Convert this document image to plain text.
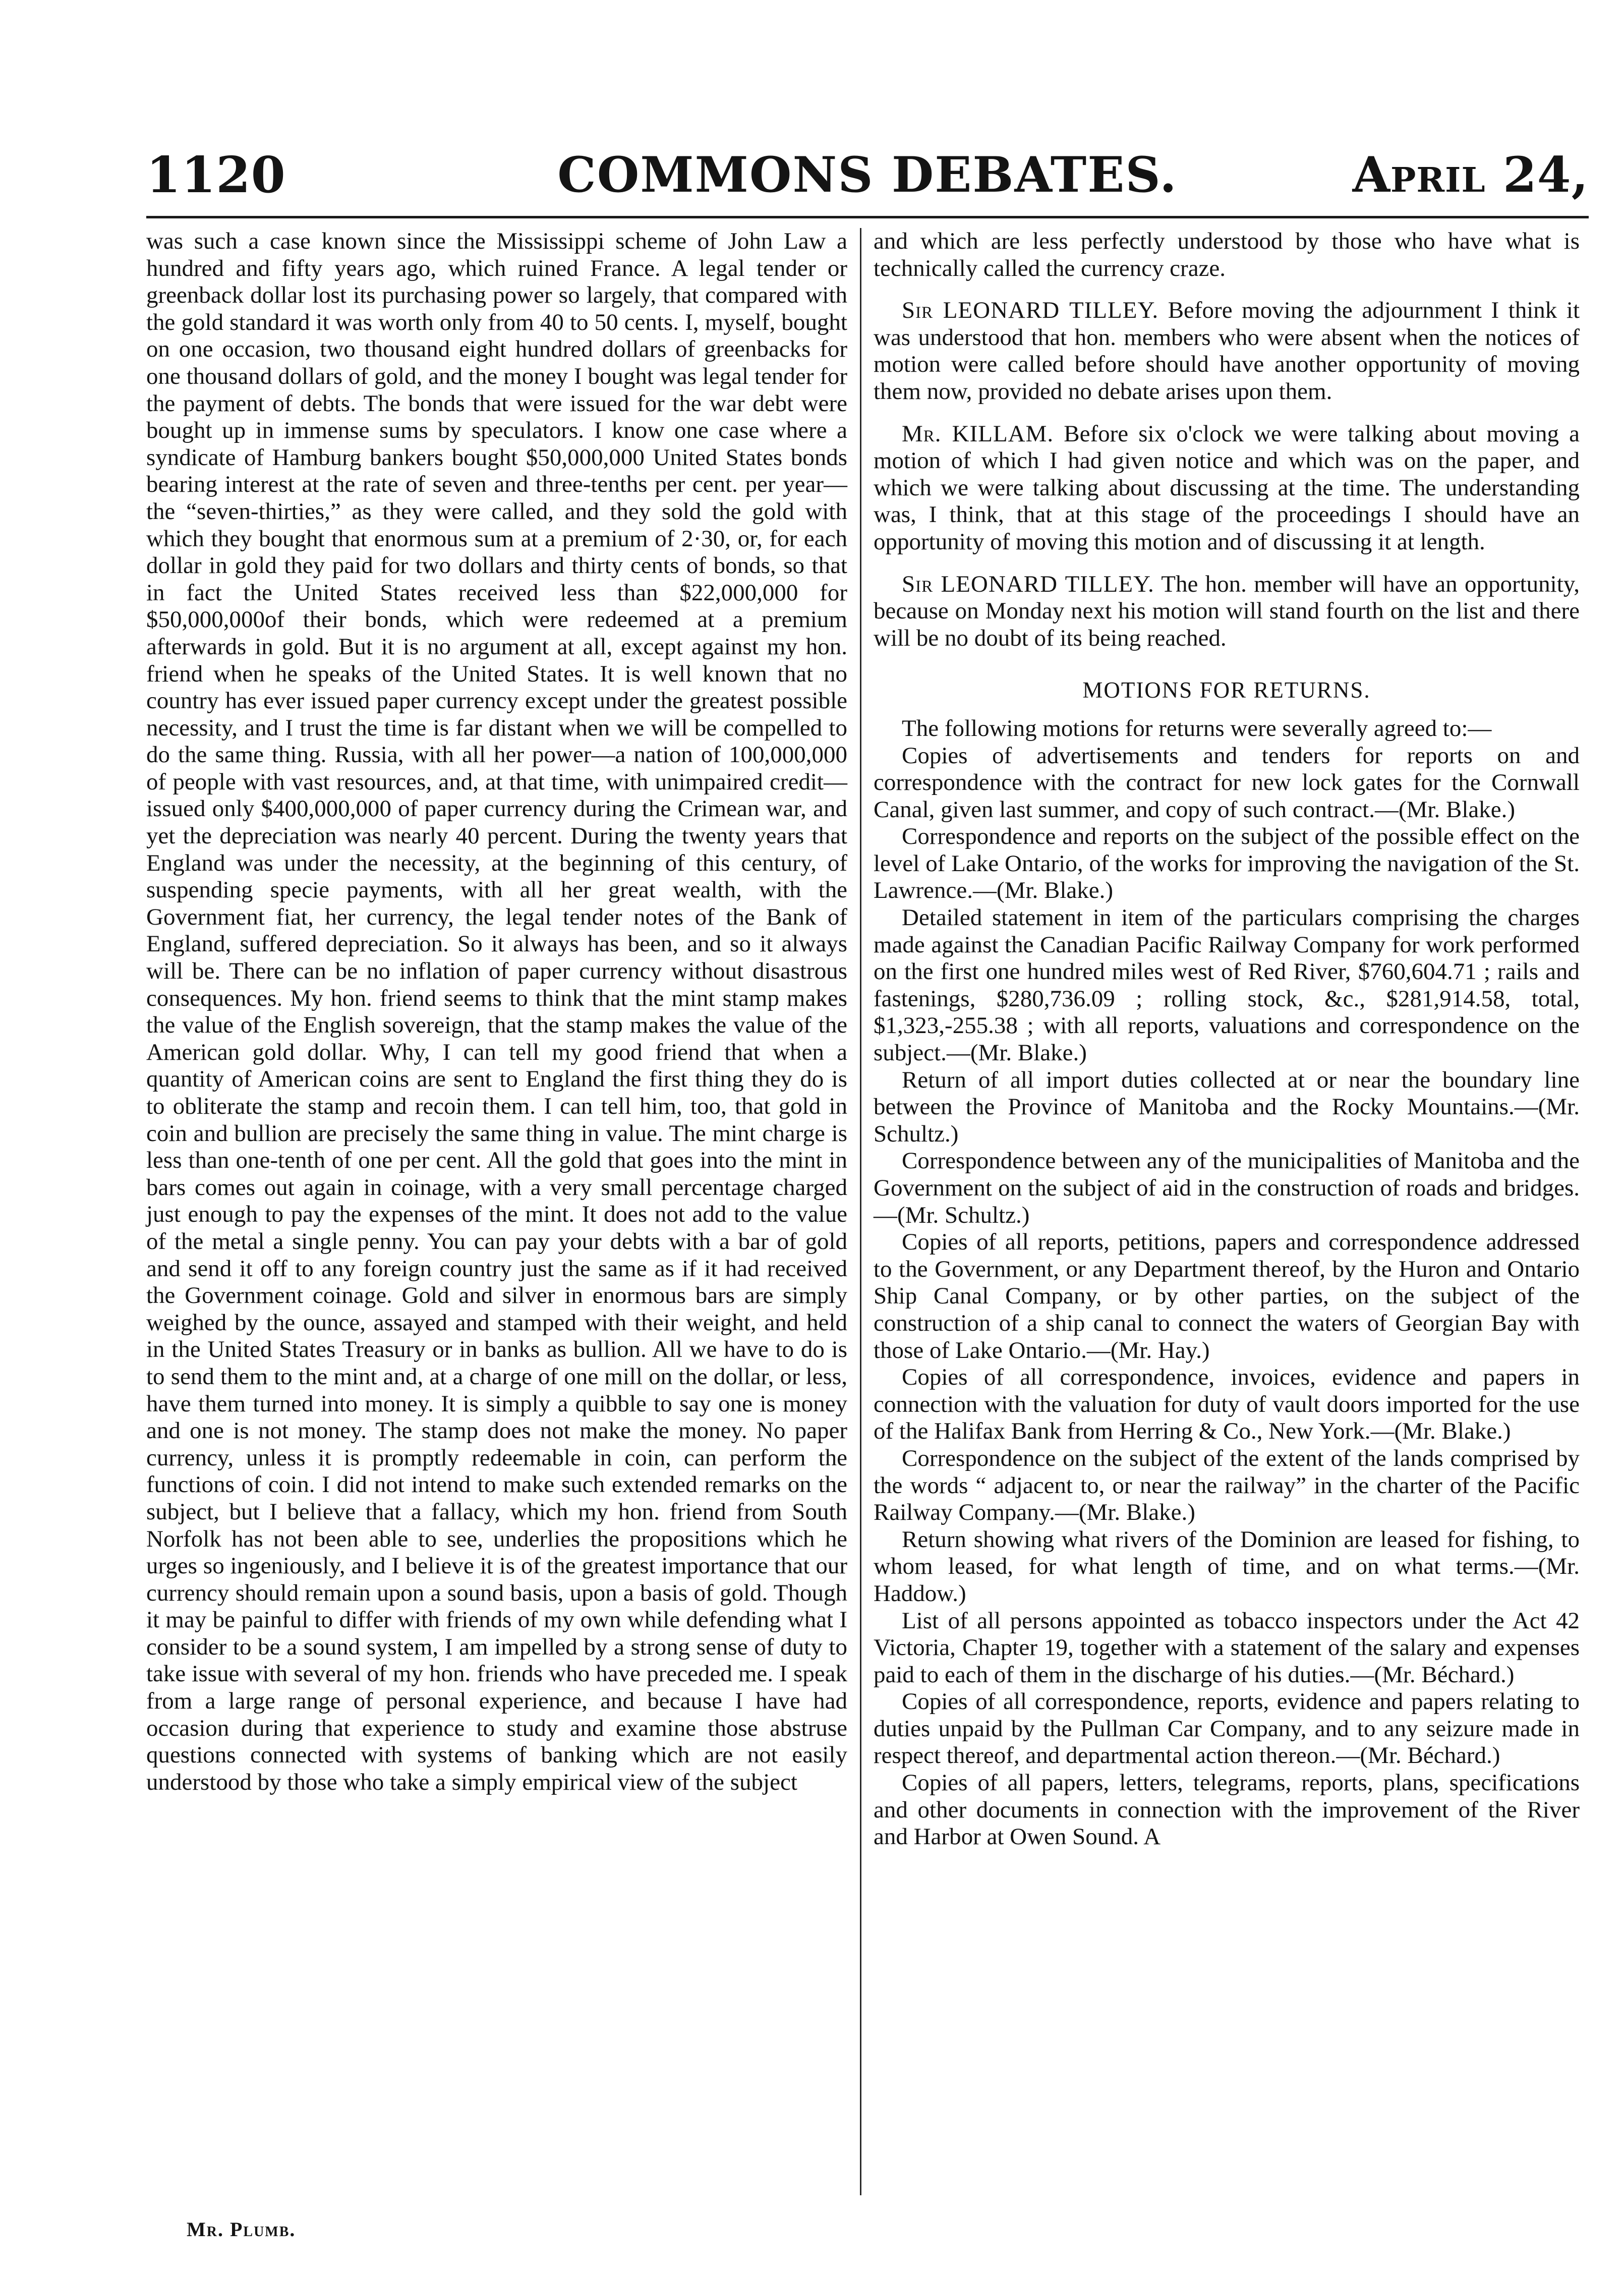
1120	COMMONS DEBATES.	April 24,

was such a case known since the Mississippi scheme of John Law a hundred and fifty years ago, which ruined France. A legal tender or greenback dollar lost its purchasing power so largely, that compared with the gold standard it was worth only from 40 to 50 cents. I, myself, bought on one occasion, two thousand eight hundred dollars of greenbacks for one thousand dollars of gold, and the money I bought was legal tender for the payment of debts. The bonds that were issued for the war debt were bought up in immense sums by speculators. I know one case where a syndicate of Hamburg bankers bought $50,000,000 United States bonds bearing interest at the rate of seven and three-tenths per cent. per year—the “seven-thirties,” as they were called, and they sold the gold with which they bought that enormous sum at a premium of 2·30, or, for each dollar in gold they paid for two dollars and thirty cents of bonds, so that in fact the United States received less than $22,000,000 for $50,000,000of their bonds, which were redeemed at a premium afterwards in gold. But it is no argument at all, except against my hon. friend when he speaks of the United States. It is well known that no country has ever issued paper currency except under the greatest possible necessity, and I trust the time is far distant when we will be compelled to do the same thing. Russia, with all her power—a nation of 100,000,000 of people with vast resources, and, at that time, with unimpaired credit—issued only $400,000,000 of paper currency during the Crimean war, and yet the depreciation was nearly 40 percent. During the twenty years that England was under the necessity, at the beginning of this century, of suspending specie payments, with all her great wealth, with the Government fiat, her currency, the legal tender notes of the Bank of England, suffered depreciation. So it always has been, and so it always will be. There can be no inflation of paper currency without disastrous consequences. My hon. friend seems to think that the mint stamp makes the value of the English sovereign, that the stamp makes the value of the American gold dollar. Why, I can tell my good friend that when a quantity of American coins are sent to England the first thing they do is to obliterate the stamp and recoin them. I can tell him, too, that gold in coin and bullion are precisely the same thing in value. The mint charge is less than one-tenth of one per cent. All the gold that goes into the mint in bars comes out again in coinage, with a very small percentage charged just enough to pay the expenses of the mint. It does not add to the value of the metal a single penny. You can pay your debts with a bar of gold and send it off to any foreign country just the same as if it had received the Government coinage. Gold and silver in enormous bars are simply weighed by the ounce, assayed and stamped with their weight, and held in the United States Treasury or in banks as bullion. All we have to do is to send them to the mint and, at a charge of one mill on the dollar, or less, have them turned into money. It is simply a quibble to say one is money and one is not money. The stamp does not make the money. No paper currency, unless it is promptly redeemable in coin, can perform the functions of coin. I did not intend to make such extended remarks on the subject, but I believe that a fallacy, which my hon. friend from South Norfolk has not been able to see, underlies the propositions which he urges so ingeniously, and I believe it is of the greatest importance that our currency should remain upon a sound basis, upon a basis of gold. Though it may be painful to differ with friends of my own while defending what I consider to be a sound system, I am impelled by a strong sense of duty to take issue with several of my hon. friends who have preceded me. I speak from a large range of personal experience, and because I have had occasion during that experience to study and examine those abstruse questions connected with systems of banking which are not easily understood by those who take a simply empirical view of the subject

and which are less perfectly understood by those who have what is technically called the currency craze.

Sir LEONARD TILLEY. Before moving the adjournment I think it was understood that hon. members who were absent when the notices of motion were called before should have another opportunity of moving them now, provided no debate arises upon them.

Mr. KILLAM. Before six o'clock we were talking about moving a motion of which I had given notice and which was on the paper, and which we were talking about discussing at the time. The understanding was, I think, that at this stage of the proceedings I should have an opportunity of moving this motion and of discussing it at length.

Sir LEONARD TILLEY. The hon. member will have an opportunity, because on Monday next his motion will stand fourth on the list and there will be no doubt of its being reached.

MOTIONS FOR RETURNS.

The following motions for returns were severally agreed to:—

Copies of advertisements and tenders for reports on and correspondence with the contract for new lock gates for the Cornwall Canal, given last summer, and copy of such contract.—(Mr. Blake.)

Correspondence and reports on the subject of the possible effect on the level of Lake Ontario, of the works for improving the navigation of the St. Lawrence.—(Mr. Blake.)

Detailed statement in item of the particulars comprising the charges made against the Canadian Pacific Railway Company for work performed on the first one hundred miles west of Red River, $760,604.71 ; rails and fastenings, $280,736.09 ; rolling stock, &c., $281,914.58, total, $1,323,-255.38 ; with all reports, valuations and correspondence on the subject.—(Mr. Blake.)

Return of all import duties collected at or near the boundary line between the Province of Manitoba and the Rocky Mountains.—(Mr. Schultz.)

Correspondence between any of the municipalities of Manitoba and the Government on the subject of aid in the construction of roads and bridges.—(Mr. Schultz.)

Copies of all reports, petitions, papers and correspondence addressed to the Government, or any Department thereof, by the Huron and Ontario Ship Canal Company, or by other parties, on the subject of the construction of a ship canal to connect the waters of Georgian Bay with those of Lake Ontario.—(Mr. Hay.)

Copies of all correspondence, invoices, evidence and papers in connection with the valuation for duty of vault doors imported for the use of the Halifax Bank from Herring & Co., New York.—(Mr. Blake.)

Correspondence on the subject of the extent of the lands comprised by the words “ adjacent to, or near the railway” in the charter of the Pacific Railway Company.—(Mr. Blake.)

Return showing what rivers of the Dominion are leased for fishing, to whom leased, for what length of time, and on what terms.—(Mr. Haddow.)

List of all persons appointed as tobacco inspectors under the Act 42 Victoria, Chapter 19, together with a statement of the salary and expenses paid to each of them in the discharge of his duties.—(Mr. Béchard.)

Copies of all correspondence, reports, evidence and papers relating to duties unpaid by the Pullman Car Company, and to any seizure made in respect thereof, and departmental action thereon.—(Mr. Béchard.)

Copies of all papers, letters, telegrams, reports, plans, specifications and other documents in connection with the improvement of the River and Harbor at Owen Sound. A

Mr. Plumb.
